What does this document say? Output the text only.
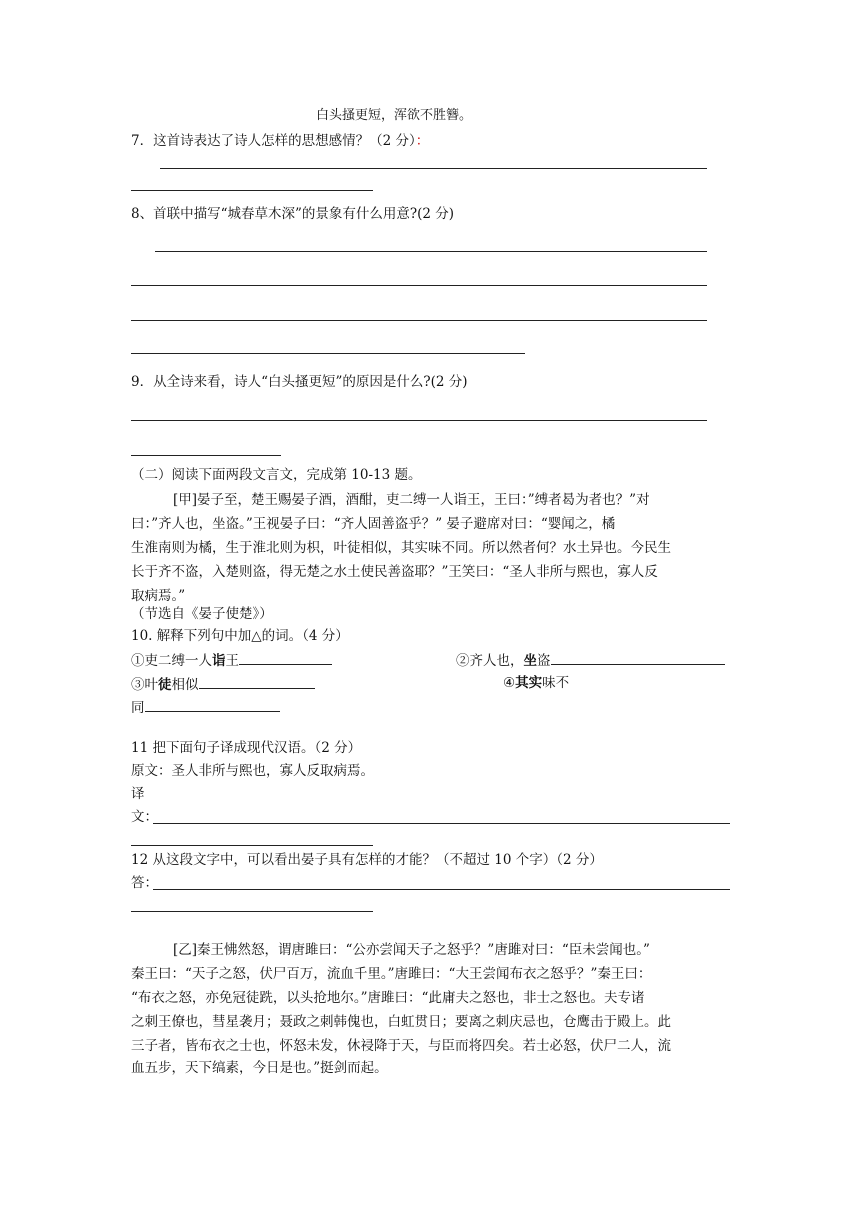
白头搔更短，浑欲不胜簪。
7．这首诗表达了诗人怎样的思想感情？（2 分）：
8、首联中描写“城春草木深”的景象有什么用意?(2 分)
9．从全诗来看，诗人“白头搔更短”的原因是什么?(2 分)
（二）阅读下面两段文言文，完成第 10-13 题。
[甲]晏子至，楚王赐晏子酒，酒酣，吏二缚一人诣王，王曰：”缚者曷为者也？”对
曰：”齐人也，坐盗。”王视晏子曰：“齐人固善盗乎？” 晏子避席对曰：“婴闻之，橘
生淮南则为橘，生于淮北则为枳，叶徒相似，其实味不同。所以然者何？水土异也。今民生
长于齐不盗，入楚则盗，得无楚之水土使民善盗耶？”王笑曰：“圣人非所与熙也，寡人反
取病焉。”
（节选自《晏子使楚》）
10. 解释下列句中加△的词。（4 分）
①吏二缚一人诣王	②齐人也，坐盗
③叶徒相似	④其实味不
同
11 把下面句子译成现代汉语。（2 分）
原文：圣人非所与熙也，寡人反取病焉。
译
文：
12 从这段文字中，可以看出晏子具有怎样的才能？（不超过 10 个字）（2 分）
答：
[乙]秦王怫然怒，谓唐雎曰：“公亦尝闻天子之怒乎？”唐雎对曰：“臣未尝闻也。”
秦王曰：“天子之怒，伏尸百万，流血千里。”唐雎曰：“大王尝闻布衣之怒乎？”秦王曰：
“布衣之怒，亦免冠徒跣，以头抢地尔。”唐雎曰：“此庸夫之怒也，非士之怒也。夫专诸
之刺王僚也，彗星袭月；聂政之刺韩傀也，白虹贯日；要离之刺庆忌也，仓鹰击于殿上。此
三子者，皆布衣之士也，怀怒未发，休祲降于天，与臣而将四矣。若士必怒，伏尸二人，流
血五步，天下缟素，今日是也。”挺剑而起。
